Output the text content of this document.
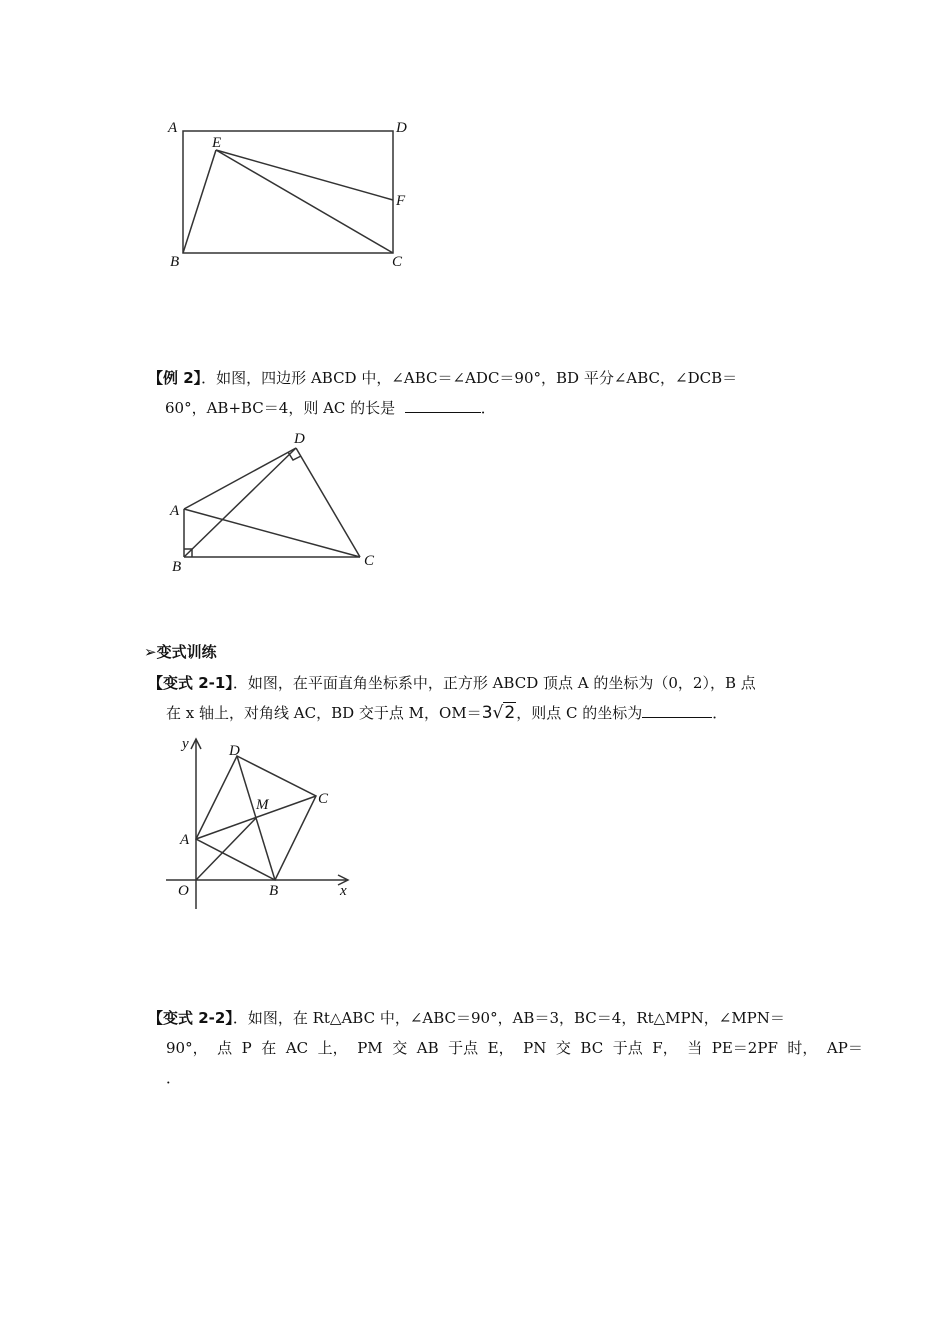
A	D
E
F
B	C
【例 2】．如图，四边形 ABCD 中，∠ABC＝∠ADC＝90°，BD 平分∠ABC，∠DCB＝
60°，AB+BC＝4，则 AC 的长是	．
D
A
B	C
➢变式训练
【变式 2-1】．如图，在平面直角坐标系中，正方形 ABCD 顶点 A 的坐标为（0，2），B 点
在 x 轴上，对角线 AC，BD 交于点 M，OM＝3√2，则点 C 的坐标为	．
y
x
O
A
B
C
D
M
【变式 2-2】．如图，在 Rt△ABC 中，∠ABC＝90°，AB＝3，BC＝4，Rt△MPN，∠MPN＝
90°，  点  P  在  AC  上，  PM  交  AB  于点  E，  PN  交  BC  于点  F，  当  PE＝2PF  时，  AP＝
．
